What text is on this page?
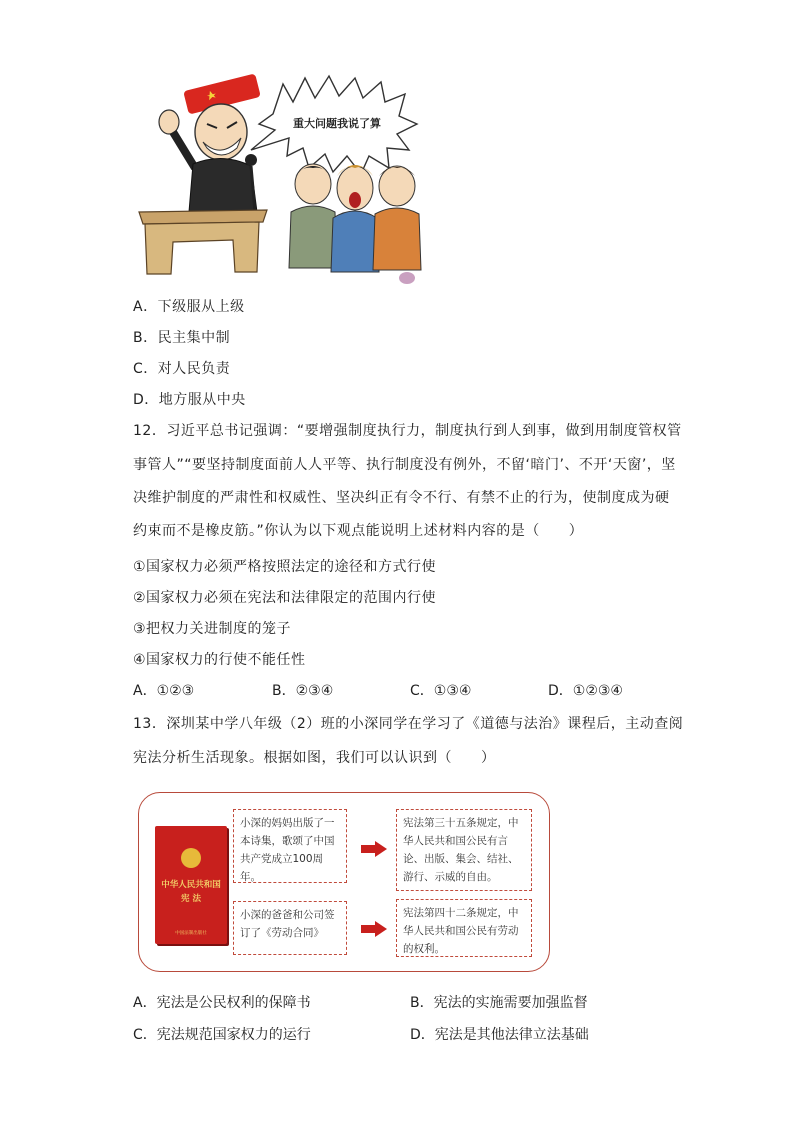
重大问题我说了算
A．下级服从上级
B．民主集中制
C．对人民负责
D．地方服从中央
12．习近平总书记强调：“要增强制度执行力，制度执行到人到事，做到用制度管权管
事管人”“要坚持制度面前人人平等、执行制度没有例外，不留‘暗门’、不开‘天窗’，坚
决维护制度的严肃性和权威性、坚决纠正有令不行、有禁不止的行为，使制度成为硬
约束而不是橡皮筋。”你认为以下观点能说明上述材料内容的是（　　）
①国家权力必须严格按照法定的途径和方式行使
②国家权力必须在宪法和法律限定的范围内行使
③把权力关进制度的笼子
④国家权力的行使不能任性
A．①②③	B．②③④	C．①③④	D．①②③④
13．深圳某中学八年级（2）班的小深同学在学习了《道德与法治》课程后，主动查阅
宪法分析生活现象。根据如图，我们可以认识到（　　）
中华人民共和国
宪 法
中国法制出版社
小深的妈妈出版了一本诗集，歌颂了中国共产党成立100周年。
宪法第三十五条规定，中华人民共和国公民有言论、出版、集会、结社、游行、示威的自由。
小深的爸爸和公司签订了《劳动合同》
宪法第四十二条规定，中华人民共和国公民有劳动的权利。
A．宪法是公民权利的保障书	B．宪法的实施需要加强监督
C．宪法规范国家权力的运行	D．宪法是其他法律立法基础
